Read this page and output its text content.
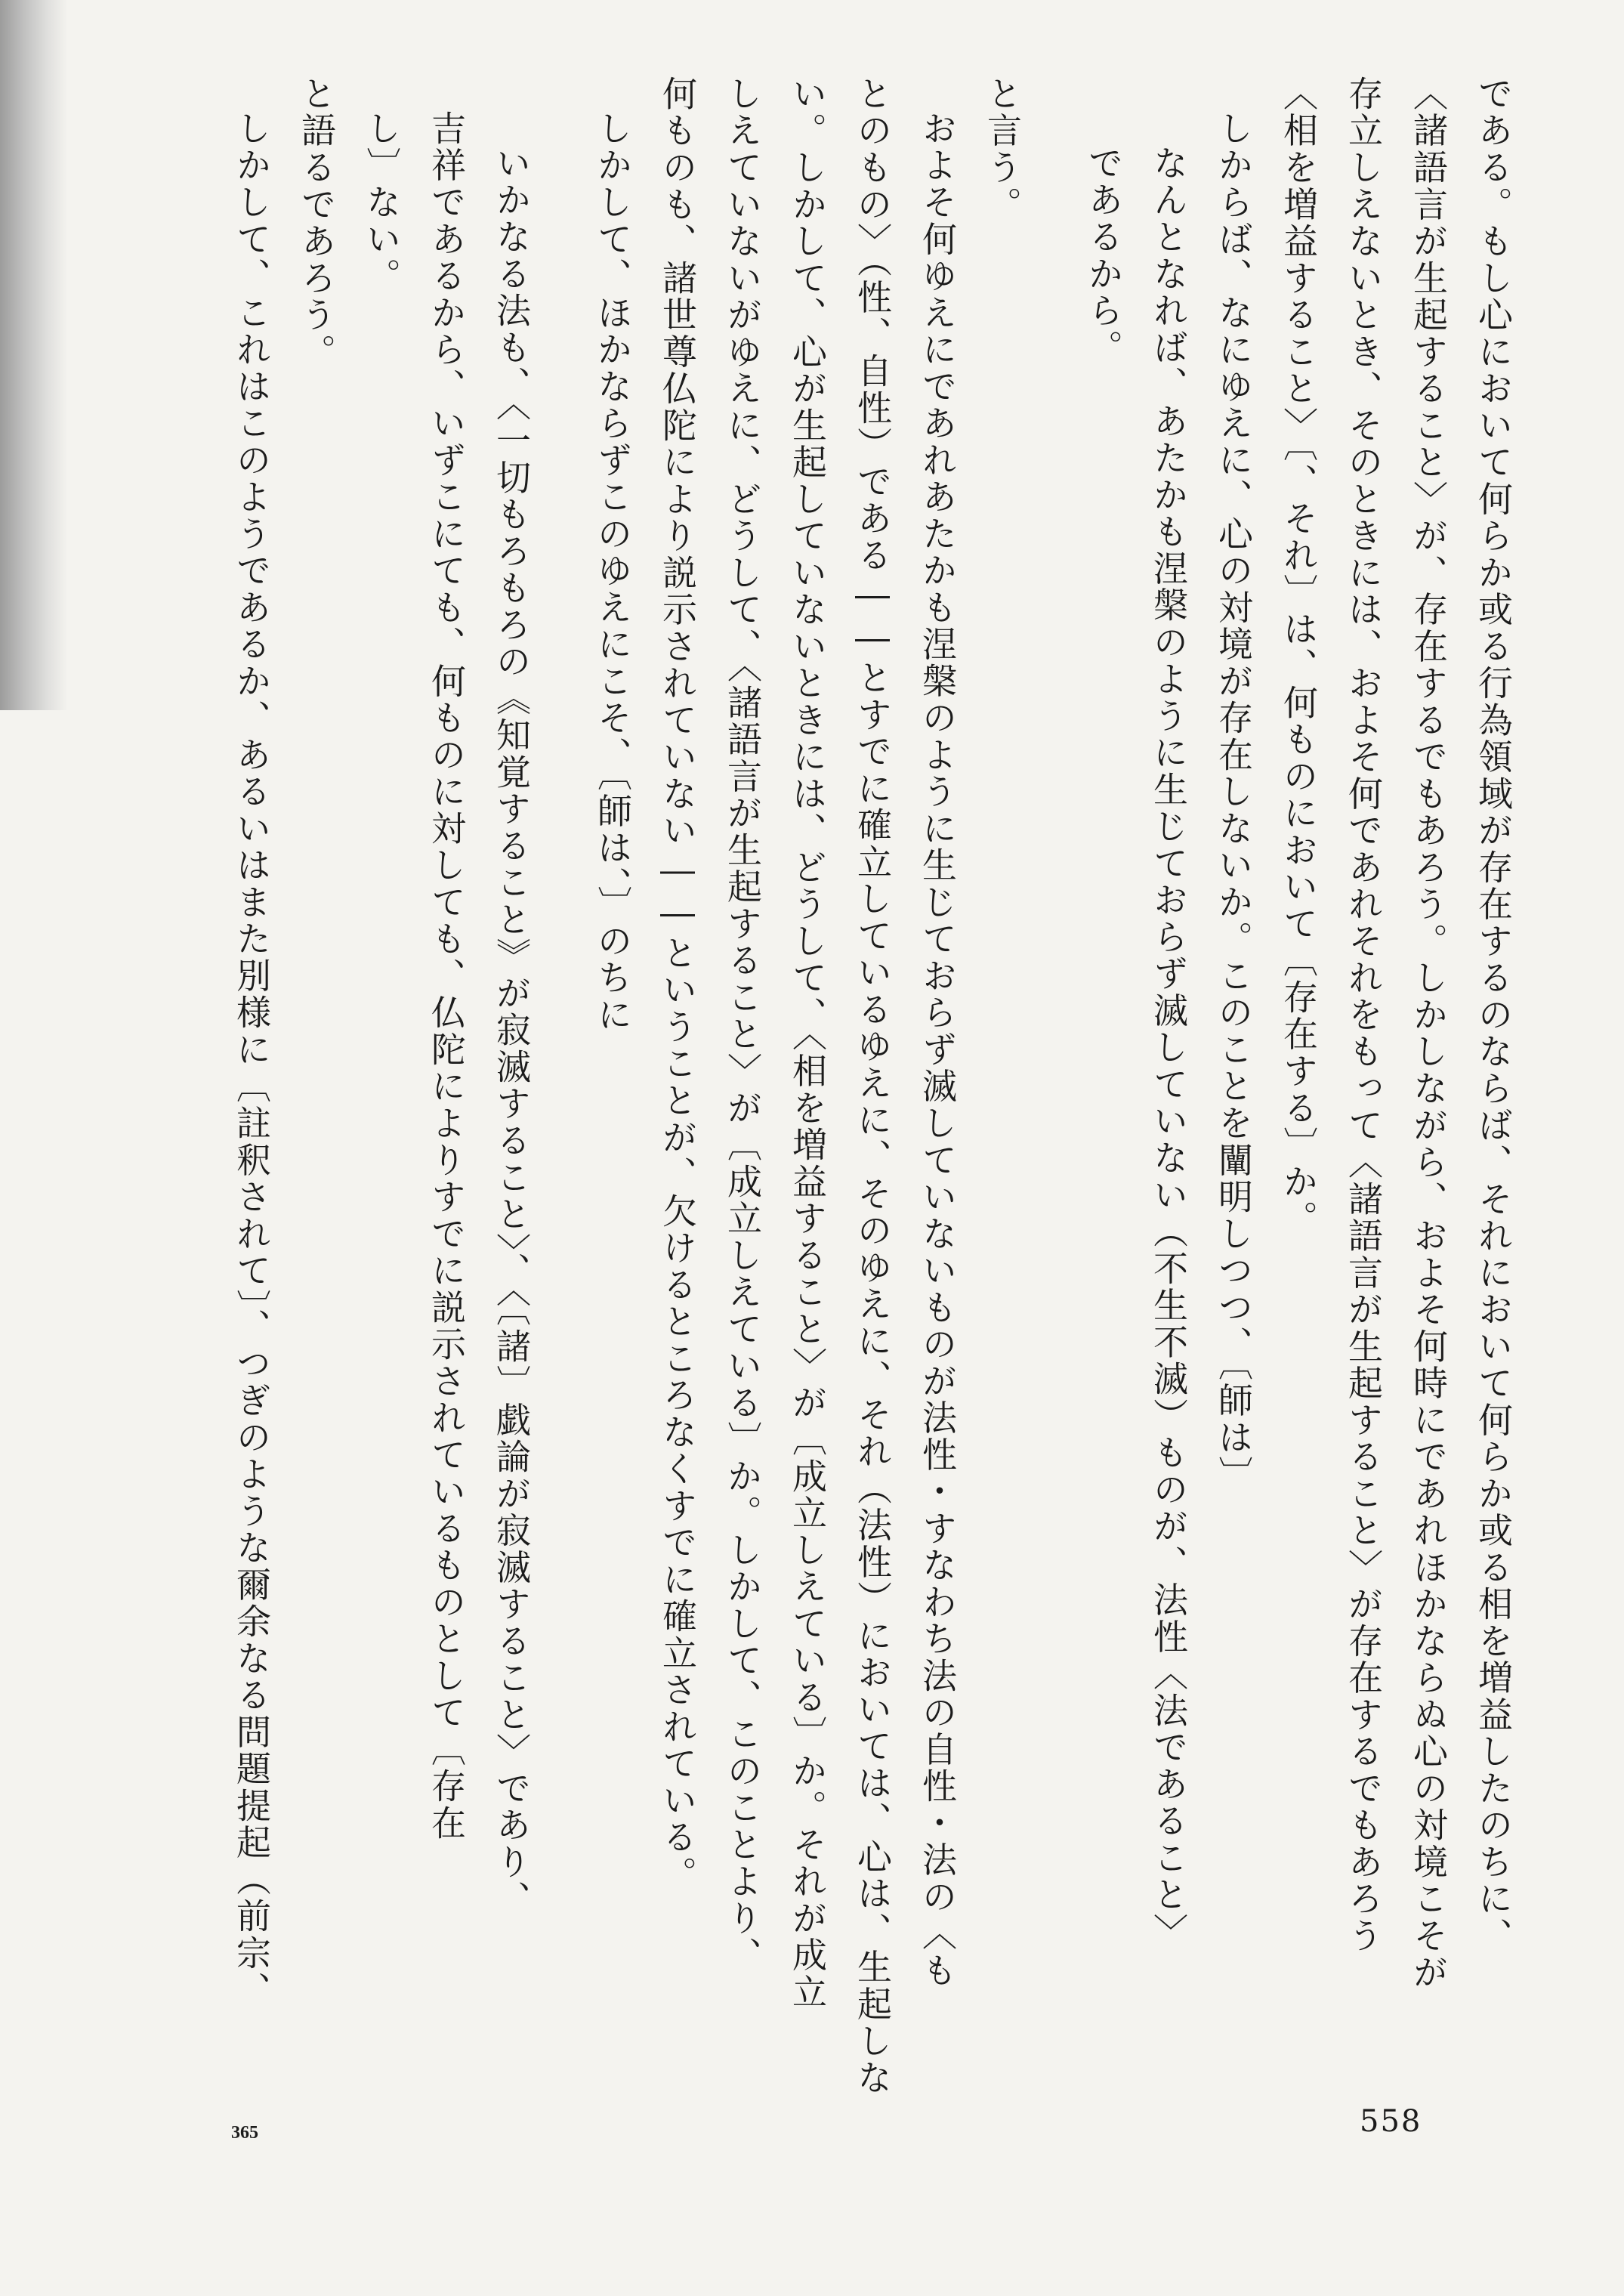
である。もし心において何らか或る行為領域が存在するのならば、それにおいて何らか或る相を増益したのちに、
〈諸語言が生起すること〉が、存在するでもあろう。しかしながら、およそ何時にであれほかならぬ心の対境こそが
存立しえないとき、そのときには、およそ何であれそれをもって〈諸語言が生起すること〉が存在するでもあろう
〈相を増益すること〉〔、それ〕は、何ものにおいて〔存在する〕か。
しからば、なにゆえに、心の対境が存在しないか。このことを闡明しつつ、〔師は〕
なんとなれば、あたかも涅槃のように生じておらず滅していない（不生不滅）ものが、法性〈法であること〉
であるから。
と言う。
およそ何ゆえにであれあたかも涅槃のように生じておらず滅していないものが法性・すなわち法の自性・法の〈も
とのもの〉（性、自性）である――とすでに確立しているゆえに、そのゆえに、それ（法性）においては、心は、生起しな
い。しかして、心が生起していないときには、どうして、〈相を増益すること〉が〔成立しえている〕か。それが成立
しえていないがゆえに、どうして、〈諸語言が生起すること〉が〔成立しえている〕か。しかして、このことより、
何ものも、諸世尊仏陀により説示されていない――ということが、欠けるところなくすでに確立されている。
しかして、ほかならずこのゆえにこそ、〔師は、〕のちに
いかなる法も、〈一切もろもろの《知覚すること》が寂滅すること〉、〈〔諸〕戯論が寂滅すること〉であり、
吉祥であるから、いずこにても、何ものに対しても、仏陀によりすでに説示されているものとして〔存在
し〕ない。
と語るであろう。
しかして、これはこのようであるか、あるいはまた別様に〔註釈されて〕、つぎのような爾余なる問題提起（前宗、
558
365
